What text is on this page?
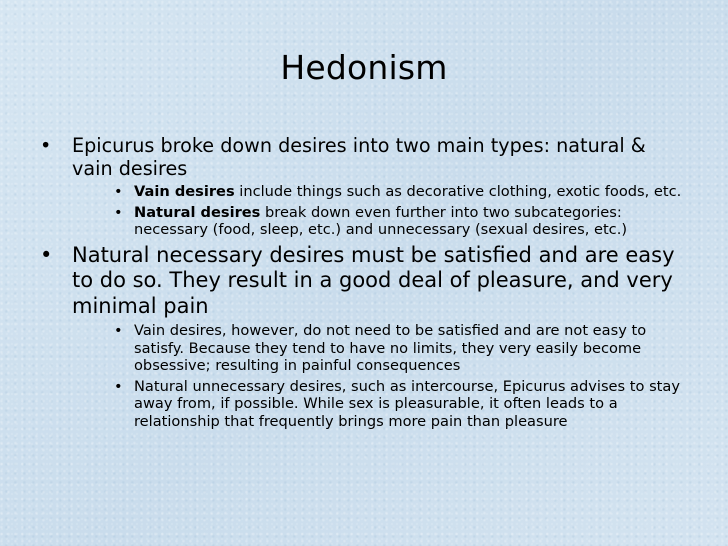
Hedonism
•	Epicurus broke down desires into two main types: natural & vain desires
• Vain desires include things such as decorative clothing, exotic foods, etc.
• Natural desires break down even further into two subcategories: necessary (food, sleep, etc.) and unnecessary (sexual desires, etc.)
• Natural necessary desires must be satisfied and are easy to do so. They result in a good deal of pleasure, and very minimal pain
• Vain desires, however, do not need to be satisfied and are not easy to satisfy. Because they tend to have no limits, they very easily become obsessive; resulting in painful consequences
• Natural unnecessary desires, such as intercourse, Epicurus advises to stay away from, if possible. While sex is pleasurable, it often leads to a relationship that frequently brings more pain than pleasure
